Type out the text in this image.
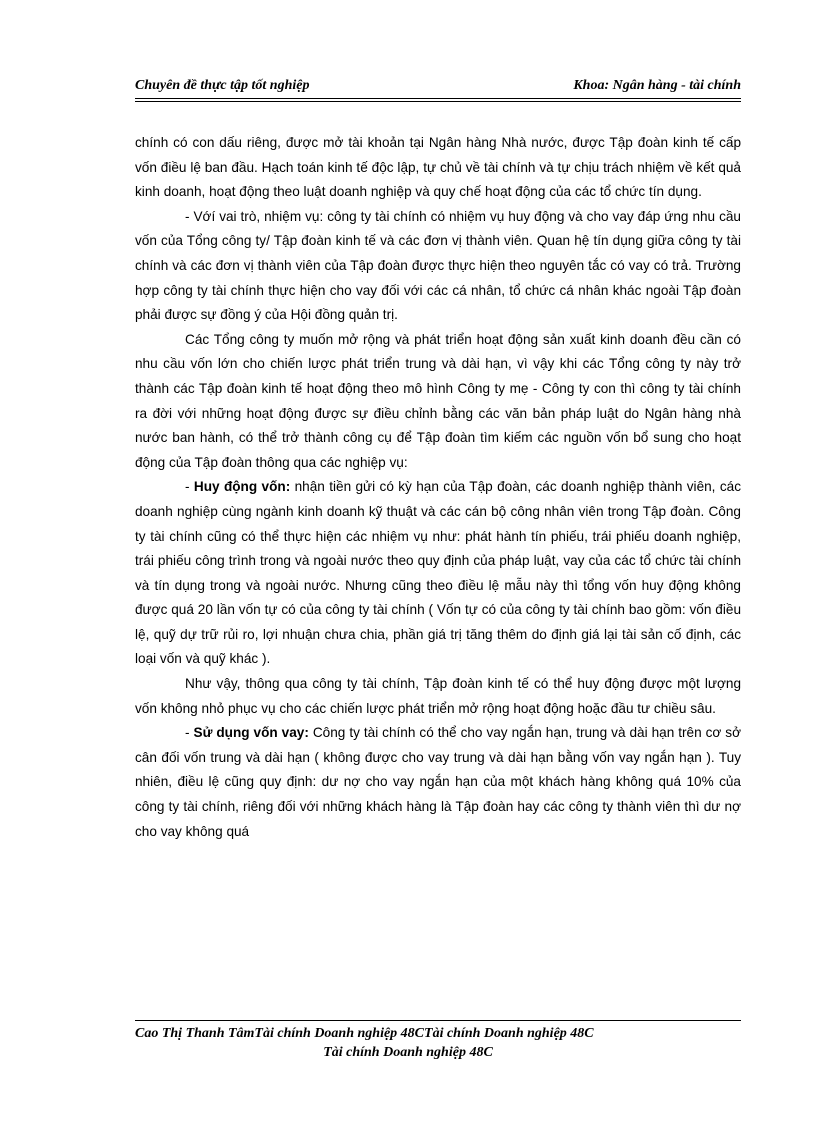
Chuyên đề thực tập tốt nghiệp	Khoa: Ngân hàng - tài chính

chính có con dấu riêng, được mở tài khoản tại Ngân hàng Nhà nước, được Tập đoàn kinh tế cấp vốn điều lệ ban đầu. Hạch toán kinh tế độc lập, tự chủ về tài chính và tự chịu trách nhiệm về kết quả kinh doanh, hoạt động theo luật doanh nghiệp và quy chế hoạt động của các tổ chức tín dụng.

- Vớí vai trò, nhiệm vụ: công ty tài chính có nhiệm vụ huy động và cho vay đáp ứng nhu cầu vốn của Tổng công ty/ Tập đoàn kinh tế và các đơn vị thành viên. Quan hệ tín dụng giữa công ty tài chính và các đơn vị thành viên của Tập đoàn được thực hiện theo nguyên tắc có vay có trả. Trường hợp công ty tài chính thực hiện cho vay đối với các cá nhân, tổ chức cá nhân khác ngoài Tập đoàn phải được sự đồng ý của Hội đồng quản trị.

Các Tổng công ty muốn mở rộng và phát triển hoạt động sản xuất kinh doanh đều cần có nhu cầu vốn lớn cho chiến lược phát triển trung và dài hạn, vì vậy khi các Tổng công ty này trở thành các Tập đoàn kinh tế hoạt động theo mô hình Công ty mẹ - Công ty con thì công ty tài chính ra đời với những hoạt động được sự điều chỉnh bằng các văn bản pháp luật do Ngân hàng nhà nước ban hành, có thể trở thành công cụ để Tập đoàn tìm kiếm các nguồn vốn bổ sung cho hoạt động của Tập đoàn thông qua các nghiệp vụ:

- Huy động vốn: nhận tiền gửi có kỳ hạn của Tập đoàn, các doanh nghiệp thành viên, các doanh nghiệp cùng ngành kinh doanh kỹ thuật và các cán bộ công nhân viên trong Tập đoàn. Công ty tài chính cũng có thể thực hiện các nhiệm vụ như: phát hành tín phiếu, trái phiếu doanh nghiệp, trái phiếu công trình trong và ngoài nước theo quy định của pháp luật, vay của các tổ chức tài chính và tín dụng trong và ngoài nước. Nhưng cũng theo điều lệ mẫu này thì tổng vốn huy động không được quá 20 lần vốn tự có của công ty tài chính ( Vốn tự có của công ty tài chính bao gồm: vốn điều lệ, quỹ dự trữ rủi ro, lợi nhuận chưa chia, phần giá trị tăng thêm do định giá lại tài sản cố định, các loại vốn và quỹ khác ).

Như vậy, thông qua công ty tài chính, Tập đoàn kinh tế có thể huy động được một lượng vốn không nhỏ phục vụ cho các chiến lược phát triển mở rộng hoạt động hoặc đầu tư chiều sâu.

- Sử dụng vốn vay: Công ty tài chính có thể cho vay ngắn hạn, trung và dài hạn trên cơ sở cân đối vốn trung và dài hạn ( không được cho vay trung và dài hạn bằng vốn vay ngắn hạn ). Tuy nhiên, điều lệ cũng quy định: dư nợ cho vay ngắn hạn của một khách hàng không quá 10% của công ty tài chính, riêng đối với những khách hàng là Tập đoàn hay các công ty thành viên thì dư nợ cho vay không quá

Cao Thị Thanh TâmTài chính Doanh nghiệp 48CTài chính Doanh nghiệp 48C
Tài chính Doanh nghiệp 48C
